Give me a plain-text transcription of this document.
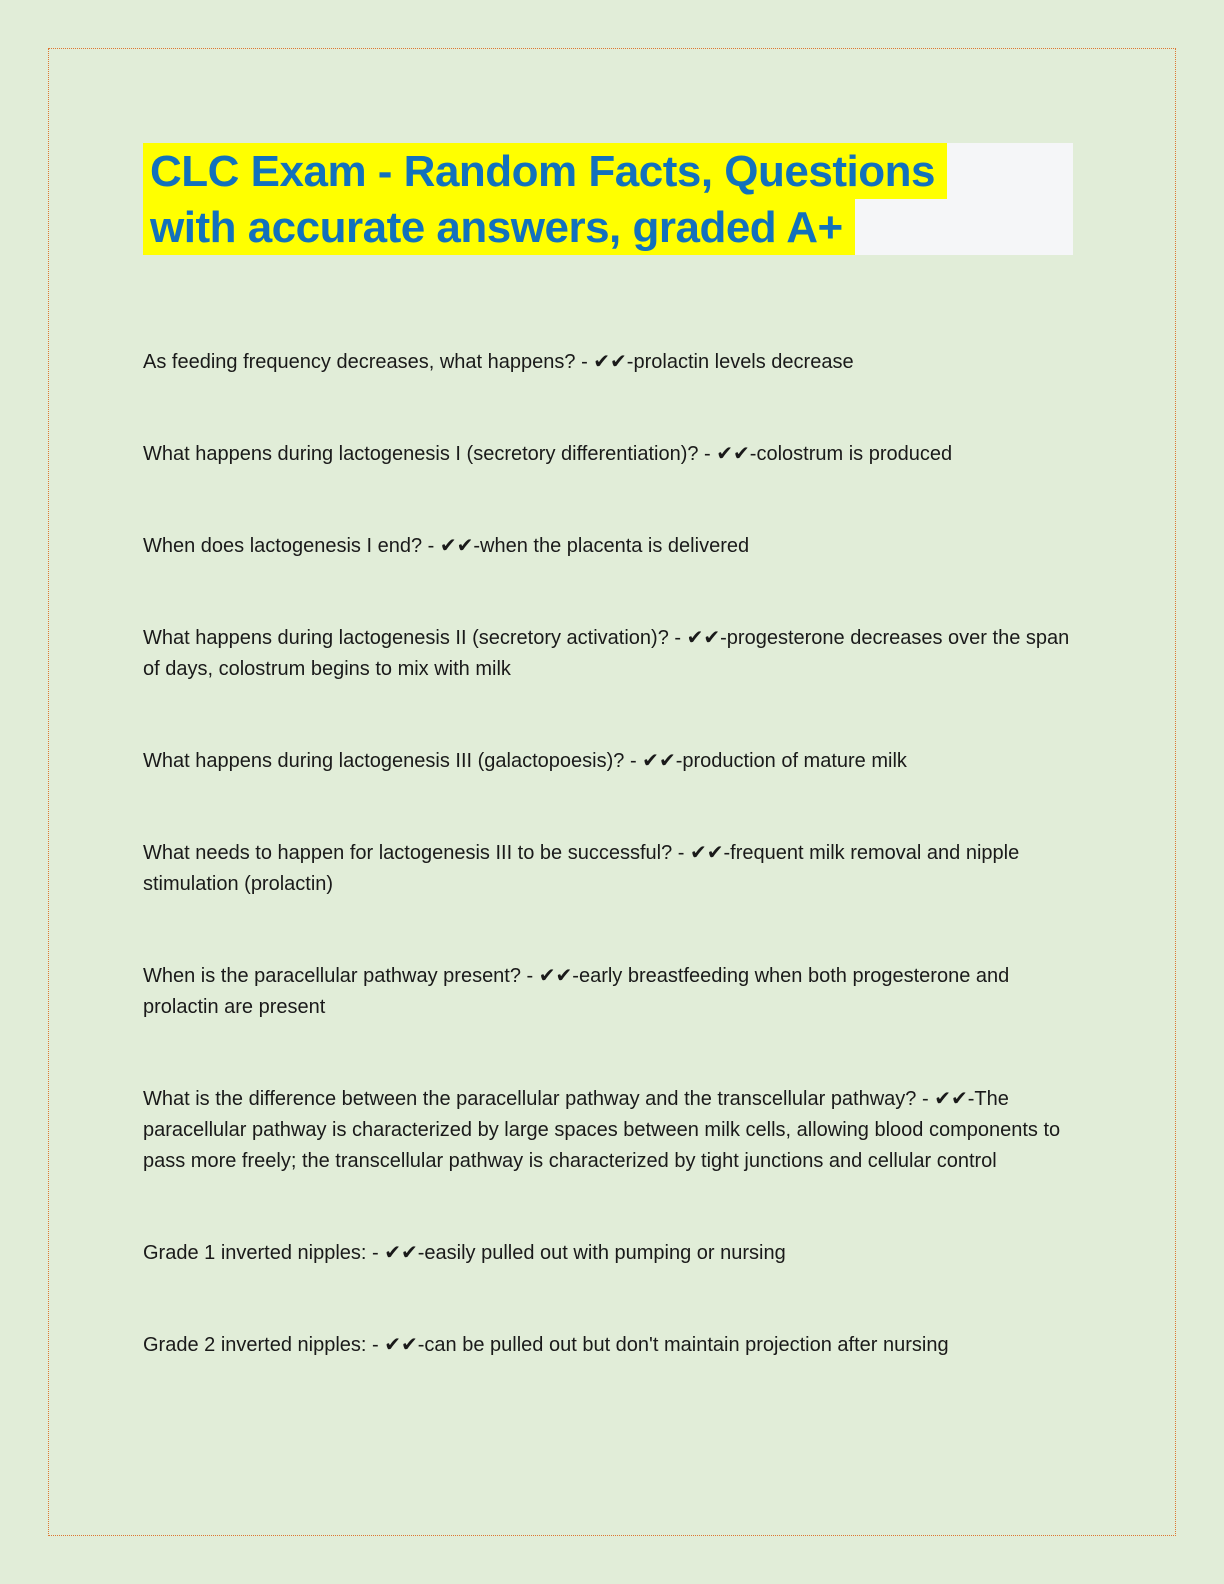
CLC Exam - Random Facts, Questions
with accurate answers, graded A+

As feeding frequency decreases, what happens? - ✔✔-prolactin levels decrease

What happens during lactogenesis I (secretory differentiation)? - ✔✔-colostrum is produced

When does lactogenesis I end? - ✔✔-when the placenta is delivered

What happens during lactogenesis II (secretory activation)? - ✔✔-progesterone decreases over the span of days, colostrum begins to mix with milk

What happens during lactogenesis III (galactopoesis)? - ✔✔-production of mature milk

What needs to happen for lactogenesis III to be successful? - ✔✔-frequent milk removal and nipple stimulation (prolactin)

When is the paracellular pathway present? - ✔✔-early breastfeeding when both progesterone and prolactin are present

What is the difference between the paracellular pathway and the transcellular pathway? - ✔✔-The paracellular pathway is characterized by large spaces between milk cells, allowing blood components to pass more freely; the transcellular pathway is characterized by tight junctions and cellular control

Grade 1 inverted nipples: - ✔✔-easily pulled out with pumping or nursing

Grade 2 inverted nipples: - ✔✔-can be pulled out but don't maintain projection after nursing
